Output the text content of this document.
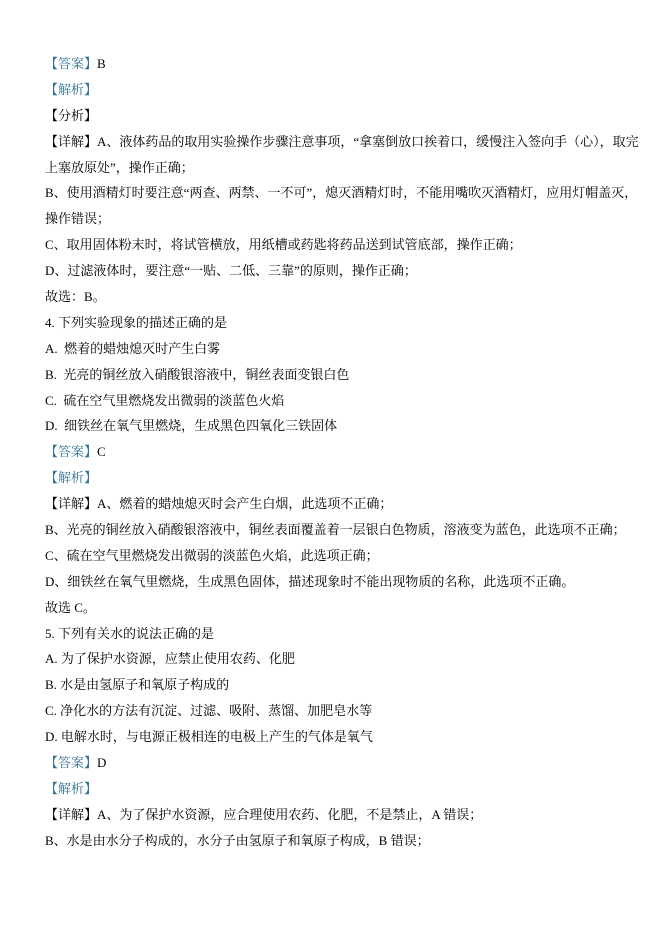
【答案】B
【解析】
【分析】
【详解】A、液体药品的取用实验操作步骤注意事项，“拿塞倒放口挨着口，缓慢注入签向手（心），取完
上塞放原处”，操作正确；
B、使用酒精灯时要注意“两查、两禁、一不可”，熄灭酒精灯时，不能用嘴吹灭酒精灯，应用灯帽盖灭，
操作错误；
C、取用固体粉末时，将试管横放，用纸槽或药匙将药品送到试管底部，操作正确；
D、过滤液体时，要注意“一贴、二低、三靠”的原则，操作正确；
故选：B。
4. 下列实验现象的描述正确的是
A.  燃着的蜡烛熄灭时产生白雾
B.  光亮的铜丝放入硝酸银溶液中，铜丝表面变银白色
C.  硫在空气里燃烧发出微弱的淡蓝色火焰
D.  细铁丝在氧气里燃烧，生成黑色四氧化三铁固体
【答案】C
【解析】
【详解】A、燃着的蜡烛熄灭时会产生白烟，此选项不正确；
B、光亮的铜丝放入硝酸银溶液中，铜丝表面覆盖着一层银白色物质，溶液变为蓝色，此选项不正确；
C、硫在空气里燃烧发出微弱的淡蓝色火焰，此选项正确；
D、细铁丝在氧气里燃烧，生成黑色固体，描述现象时不能出现物质的名称，此选项不正确。
故选 C。
5. 下列有关水的说法正确的是
A. 为了保护水资源，应禁止使用农药、化肥
B. 水是由氢原子和氧原子构成的
C. 净化水的方法有沉淀、过滤、吸附、蒸馏、加肥皂水等
D. 电解水时，与电源正极相连的电极上产生的气体是氧气
【答案】D
【解析】
【详解】A、为了保护水资源，应合理使用农药、化肥，不是禁止，A 错误；
B、水是由水分子构成的，水分子由氢原子和氧原子构成，B 错误；
